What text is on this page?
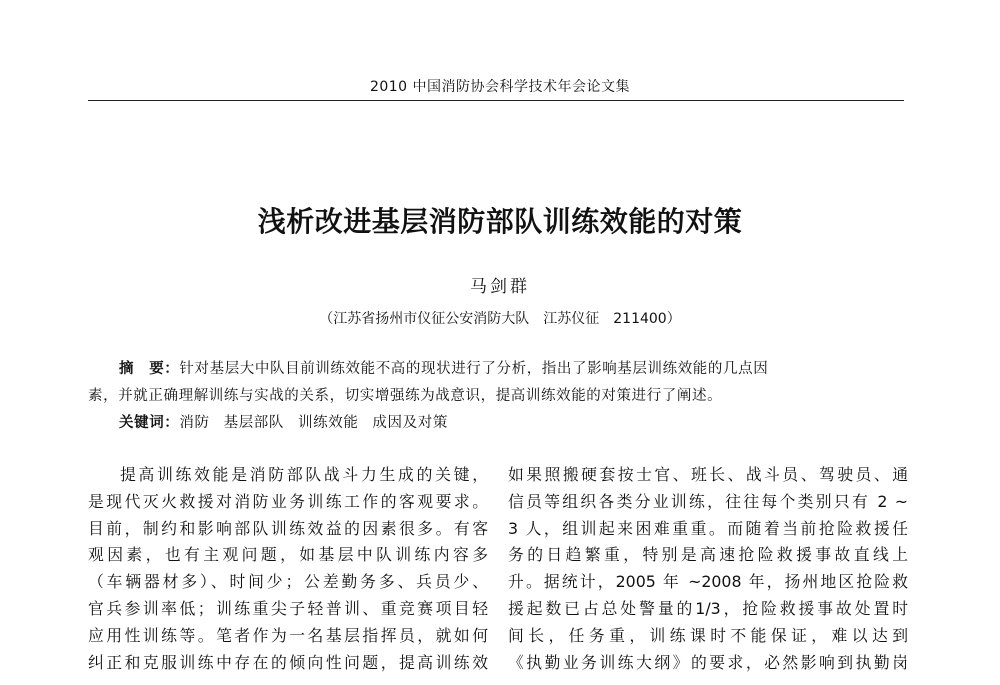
2010 中国消防协会科学技术年会论文集
浅析改进基层消防部队训练效能的对策
马剑群
（江苏省扬州市仪征公安消防大队　江苏仪征　211400）
摘　要：针对基层大中队目前训练效能不高的现状进行了分析，指出了影响基层训练效能的几点因
素，并就正确理解训练与实战的关系，切实增强练为战意识，提高训练效能的对策进行了阐述。
关键词：消防 基层部队 训练效能 成因及对策
提高训练效能是消防部队战斗力生成的关键，
是现代灭火救援对消防业务训练工作的客观要求。
目前，制约和影响部队训练效益的因素很多。有客
观因素，也有主观问题，如基层中队训练内容多
（车辆器材多）、时间少；公差勤务多、兵员少、
官兵参训率低；训练重尖子轻普训、重竞赛项目轻
应用性训练等。笔者作为一名基层指挥员，就如何
纠正和克服训练中存在的倾向性问题，提高训练效
如果照搬硬套按士官、班长、战斗员、驾驶员、通
信员等组织各类分业训练，往往每个类别只有 2 ~
3 人，组训起来困难重重。而随着当前抢险救援任
务的日趋繁重，特别是高速抢险救援事故直线上
升。据统计，2005 年 ~2008 年，扬州地区抢险救
援起数已占总处警量的1/3，抢险救援事故处置时
间长，任务重，训练课时不能保证，难以达到
《执勤业务训练大纲》的要求，必然影响到执勤岗
